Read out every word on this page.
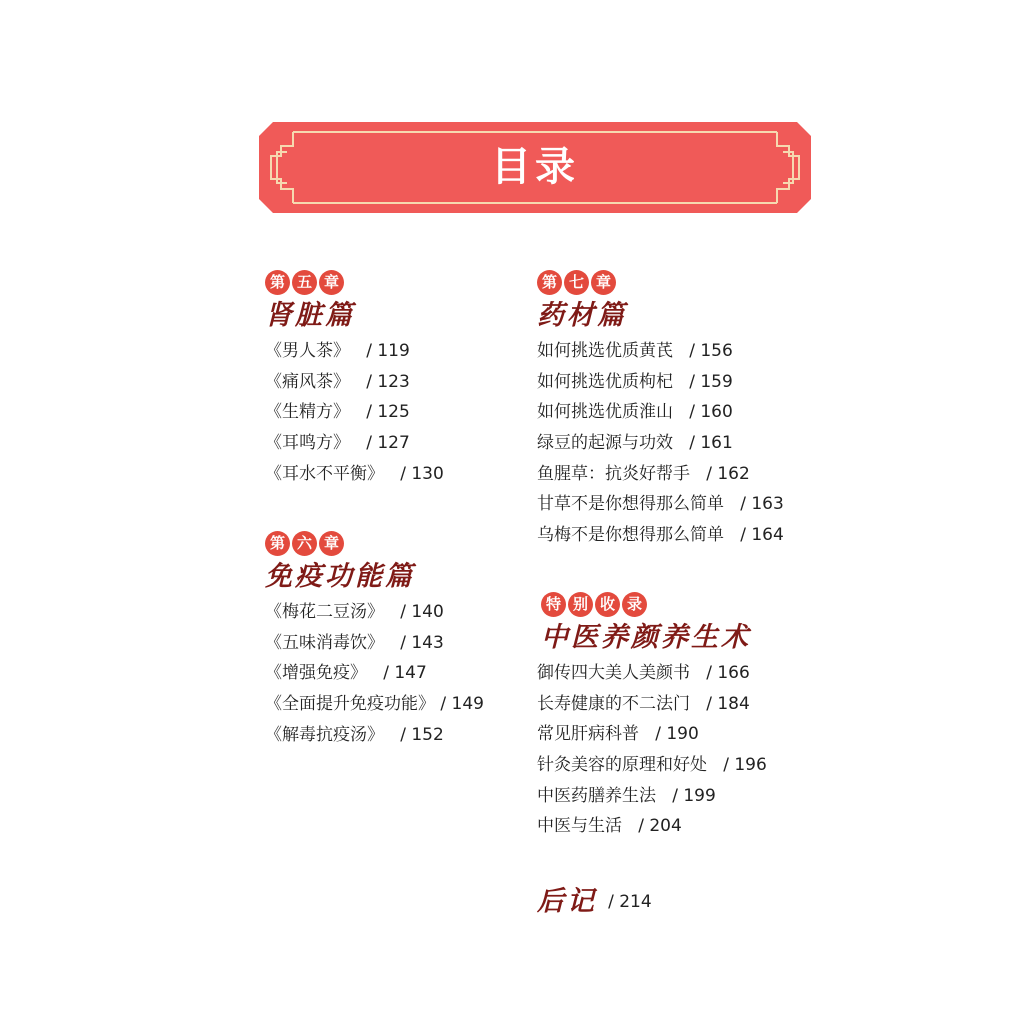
目录
第 五 章
肾脏篇
《男人茶》   / 119
《痛风茶》   / 123
《生精方》   / 125
《耳鸣方》   / 127
《耳水不平衡》   / 130
第 六 章
免疫功能篇
《梅花二豆汤》   / 140
《五味消毒饮》   / 143
《增强免疫》   / 147
《全面提升免疫功能》 / 149
《解毒抗疫汤》   / 152
第 七 章
药材篇
如何挑选优质黄芪   / 156
如何挑选优质枸杞   / 159
如何挑选优质淮山   / 160
绿豆的起源与功效   / 161
鱼腥草：抗炎好帮手   / 162
甘草不是你想得那么简单   / 163
乌梅不是你想得那么简单   / 164
特 别 收 录
中医养颜养生术
御传四大美人美颜书   / 166
长寿健康的不二法门   / 184
常见肝病科普   / 190
针灸美容的原理和好处   / 196
中医药膳养生法   / 199
中医与生活   / 204
后记 / 214
